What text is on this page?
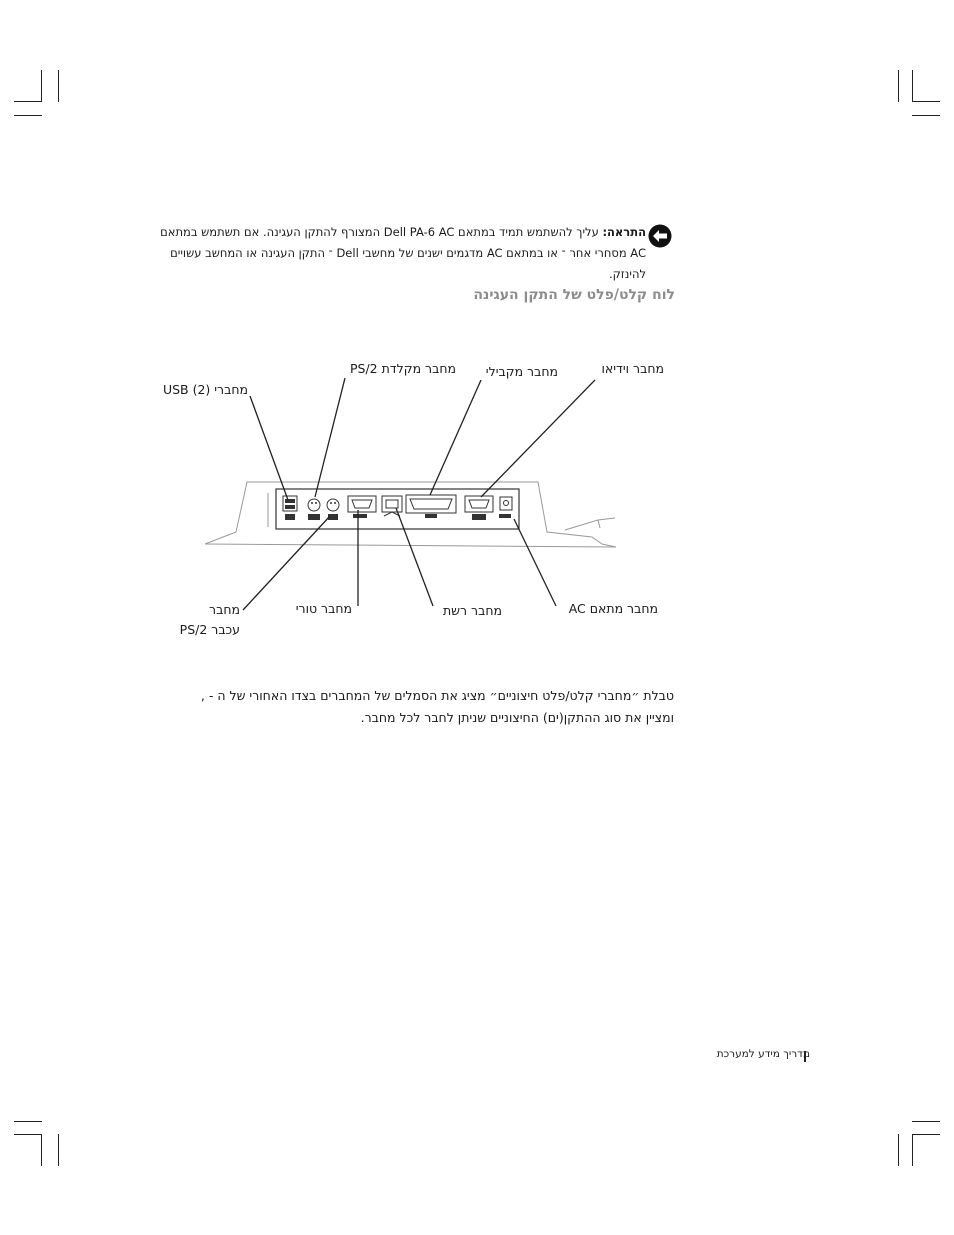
התראה: עליך להשתמש תמיד במתאם Dell PA-6 AC המצורף להתקן העגינה. אם תשתמש במתאם
AC מסחרי אחר ־ או במתאם AC מדגמים ישנים של מחשבי Dell ־ התקן העגינה או המחשב עשויים
להינזק.
לוח קלט/פלט של התקן העגינה
מחברי USB (2)
מחבר מקלדת PS/2	מחבר מקבילי	מחבר וידיאו
מחבר
עכבר PS/2
מחבר טורי	מחבר רשת	מחבר מתאם AC

טבלת ״מחברי קלט/פלט חיצוניים״ מציג את הסמלים של המחברים בצדו האחורי של ה - ,

ומציין את סוג ההתקן(ים) החיצוניים שניתן לחבר לכל מחבר.

מדריך מידע למערכת
